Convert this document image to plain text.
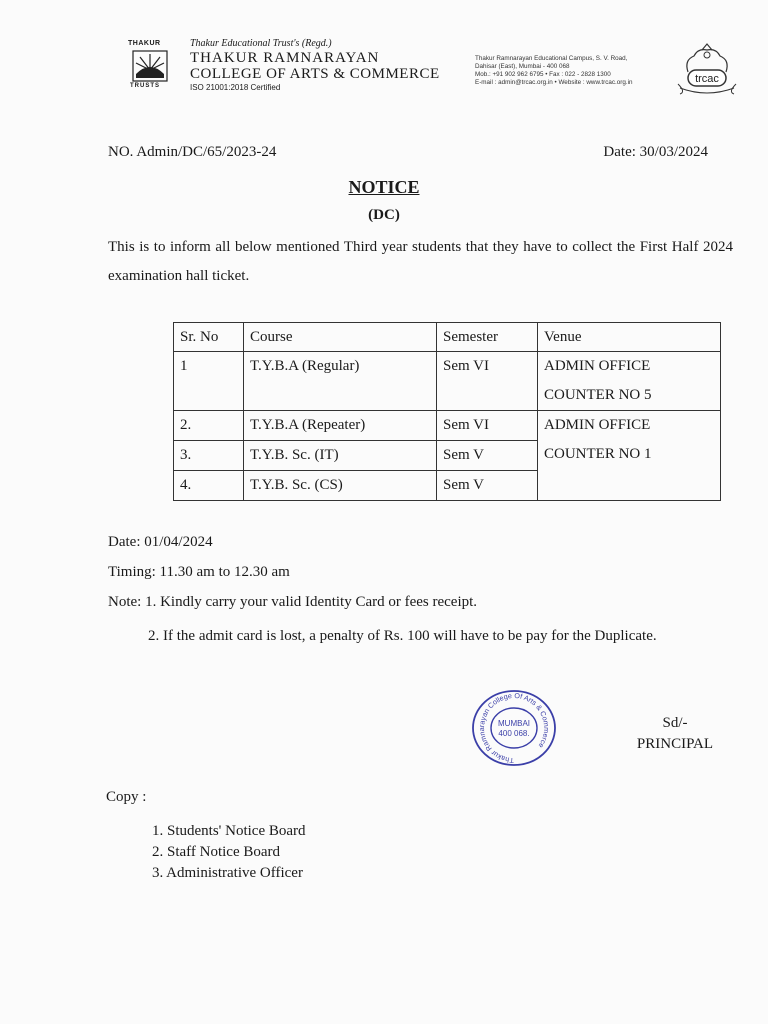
THAKUR
TRUSTS
Thakur Educational Trust's (Regd.)
THAKUR RAMNARAYAN
COLLEGE OF ARTS & COMMERCE
ISO 21001:2018 Certified
Thakur Ramnarayan Educational Campus, S. V. Road,
Dahisar (East), Mumbai - 400 068
Mob.: +91 902 962 6795 • Fax : 022 - 2828 1300
E-mail : admin@trcac.org.in • Website : www.trcac.org.in	trcac
NO. Admin/DC/65/2023-24	Date: 30/03/2024
NOTICE
(DC)
This is to inform all below mentioned Third year students that they have to collect the First Half 2024 examination hall ticket.
Sr. No	Course	Semester	Venue
1	T.Y.B.A (Regular)	Sem VI	ADMIN OFFICE
COUNTER NO 5

2.	T.Y.B.A (Repeater)	Sem VI	ADMIN OFFICE
COUNTER NO 1

3.	T.Y.B. Sc. (IT)	Sem V	
4.	T.Y.B. Sc. (CS)	Sem V	
Date: 01/04/2024
Timing: 11.30 am to 12.30 am
Note: 1. Kindly carry your valid Identity Card or fees receipt.
2. If the admit card is lost, a penalty of Rs. 100 will have to be pay for the Duplicate.
Thakur Ramnarayan College Of Arts & Commerce
MUMBAI
400 068.
Sd/-
PRINCIPAL
Copy :
1. Students' Notice Board
2. Staff Notice Board
3. Administrative Officer
